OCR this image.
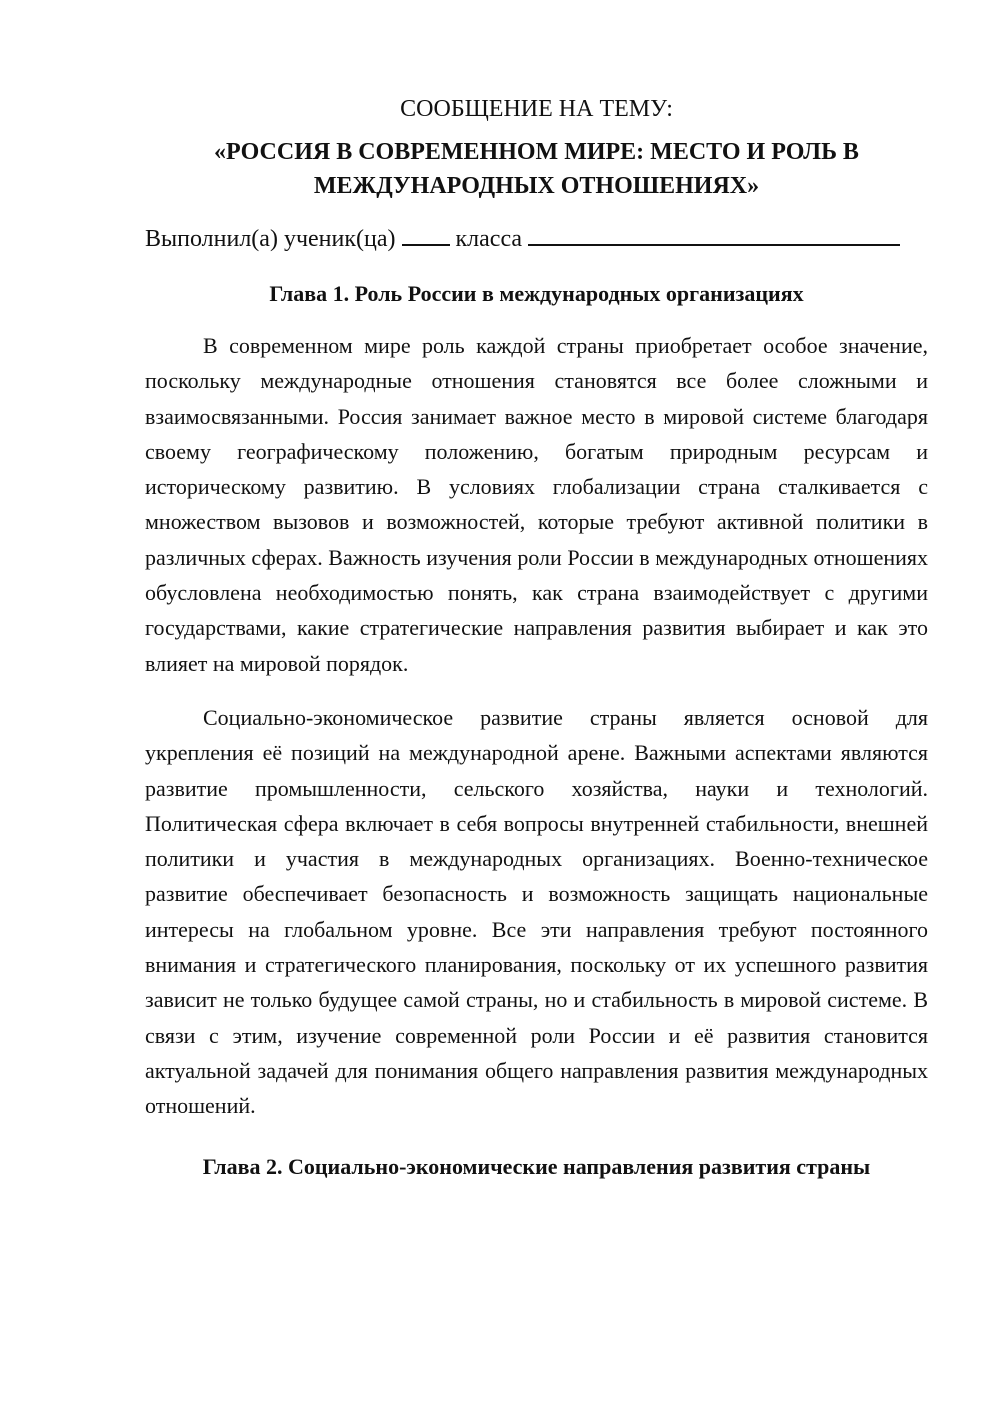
СООБЩЕНИЕ НА ТЕМУ:
«РОССИЯ В СОВРЕМЕННОМ МИРЕ: МЕСТО И РОЛЬ В МЕЖДУНАРОДНЫХ ОТНОШЕНИЯХ»
Выполнил(а) ученик(ца)	класса
Глава 1. Роль России в международных организациях

В современном мире роль каждой страны приобретает особое значение, поскольку международные отношения становятся все более сложными и взаимосвязанными. Россия занимает важное место в мировой системе благодаря своему географическому положению, богатым природным ресурсам и историческому развитию. В условиях глобализации страна сталкивается с множеством вызовов и возможностей, которые требуют активной политики в различных сферах. Важность изучения роли России в международных отношениях обусловлена необходимостью понять, как страна взаимодействует с другими государствами, какие стратегические направления развития выбирает и как это влияет на мировой порядок.

Социально-экономическое развитие страны является основой для укрепления её позиций на международной арене. Важными аспектами являются развитие промышленности, сельского хозяйства, науки и технологий. Политическая сфера включает в себя вопросы внутренней стабильности, внешней политики и участия в международных организациях. Военно-техническое развитие обеспечивает безопасность и возможность защищать национальные интересы на глобальном уровне. Все эти направления требуют постоянного внимания и стратегического планирования, поскольку от их успешного развития зависит не только будущее самой страны, но и стабильность в мировой системе. В связи с этим, изучение современной роли России и её развития становится актуальной задачей для понимания общего направления развития международных отношений.

Глава 2. Социально-экономические направления развития страны
